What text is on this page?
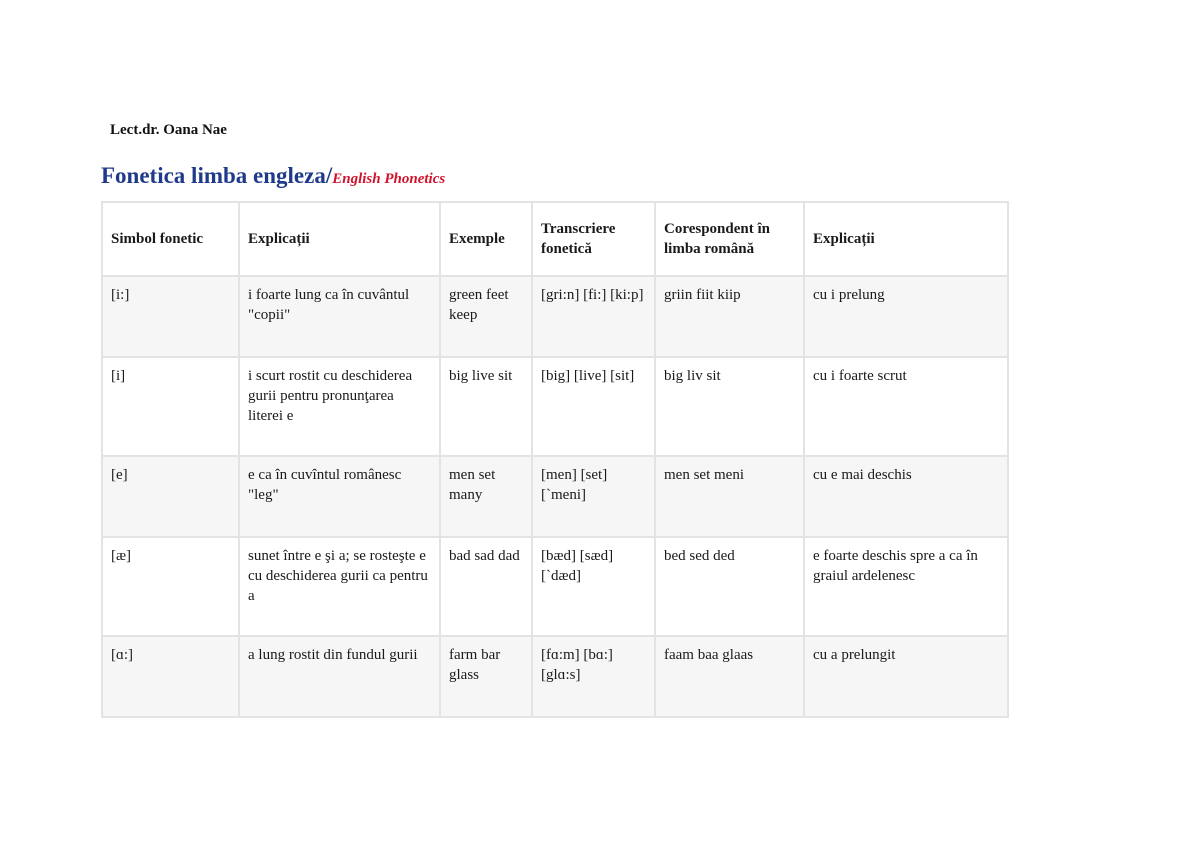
Lect.dr. Oana Nae
Fonetica limba engleza/English Phonetics
Simbol fonetic	Explicații	Exemple	Transcriere fonetică	Corespondent în limba română	Explicații
[i:]	i foarte lung ca în cuvântul "copii"	green feet keep	[gri:n] [fi:] [ki:p]	griin fiit kiip	cu i prelung
[i]	i scurt rostit cu deschiderea gurii pentru pronunţarea literei e	big live sit	[big] [live] [sit]	big liv sit	cu i foarte scrut
[e]	e ca în cuvîntul românesc "leg"	men set many	[men] [set] [`meni]	men set meni	cu e mai deschis
[æ]	sunet între e şi a; se rosteşte e cu deschiderea gurii ca pentru a	bad sad dad	[bæd] [sæd] [`dæd]	bed sed ded	e foarte deschis spre a ca în graiul ardelenesc
[ɑ:]	a lung rostit din fundul gurii	farm bar glass	[fɑ:m] [bɑ:] [glɑ:s]	faam baa glaas	cu a prelungit
